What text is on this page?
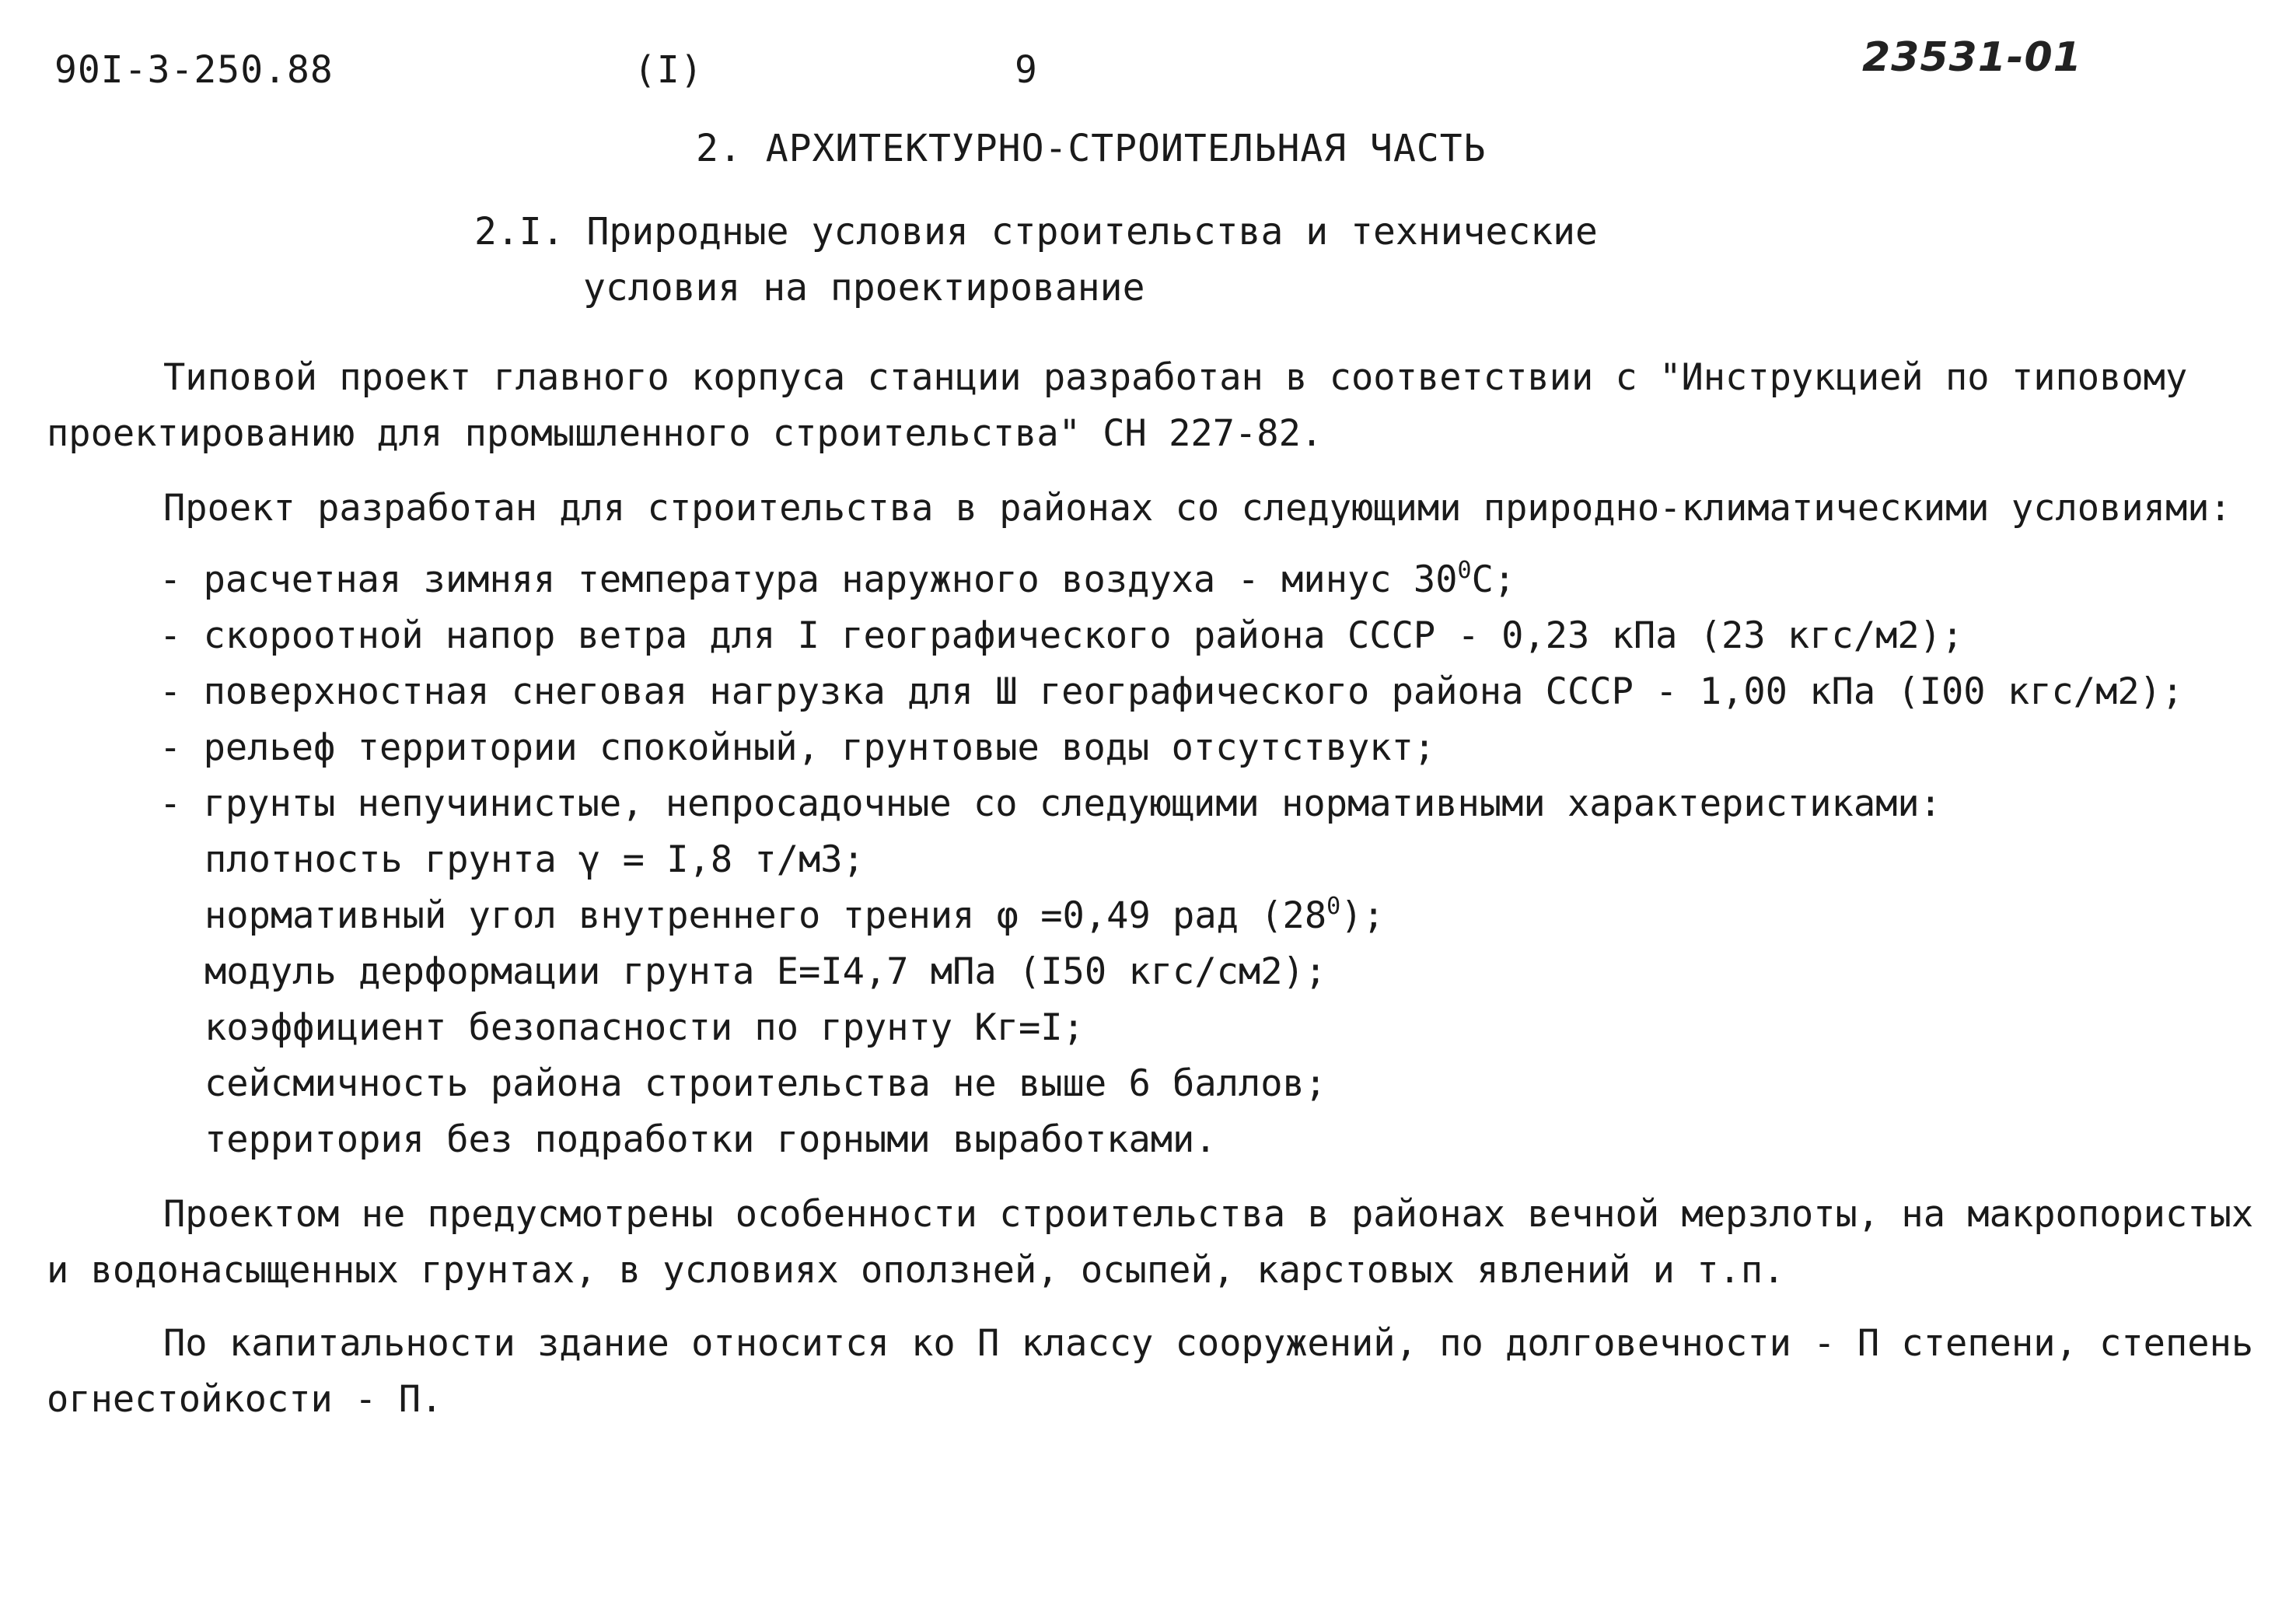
90I-3-250.88	(I)	9	23531-01
2. АРХИТЕКТУРНО-СТРОИТЕЛЬНАЯ ЧАСТЬ
2.I. Природные условия строительства и технические
условия на проектирование
Типовой проект главного корпуса станции разработан в соответствии с "Инструкцией по типовому проектированию для промышленного строительства" СН 227-82.
Проект разработан для строительства в районах со следующими природно-климатическими условиями:
- расчетная зимняя температура наружного воздуха - минус $30^0С$;
- скороотной напор ветра для I географического района СССР - 0,23 кПа (23 кгс/м2);
- поверхностная снеговая нагрузка для Ш географического района СССР - 1,00 кПа (I00 кгс/м2);
- рельеф территории спокойный, грунтовые воды отсутствукт;
- грунты непучинистые, непросадочные со следующими нормативными характеристиками:
плотность грунта γ = I,8 т/м3;
нормативный угол внутреннего трения φ =0,49 рад $(28^0)$;
модуль дерформации грунта Е=I4,7 мПа (I50 кгс/см2);
коэффициент безопасности по грунту Кг=I;
сейсмичность района строительства не выше 6 баллов;
территория без подработки горными выработками.
Проектом не предусмотрены особенности строительства в районах вечной мерзлоты, на макропористых и водонасыщенных грунтах, в условиях оползней, осыпей, карстовых явлений и т.п.
По капитальности здание относится ко П классу сооружений, по долговечности - П степени, степень огнестойкости - П.
